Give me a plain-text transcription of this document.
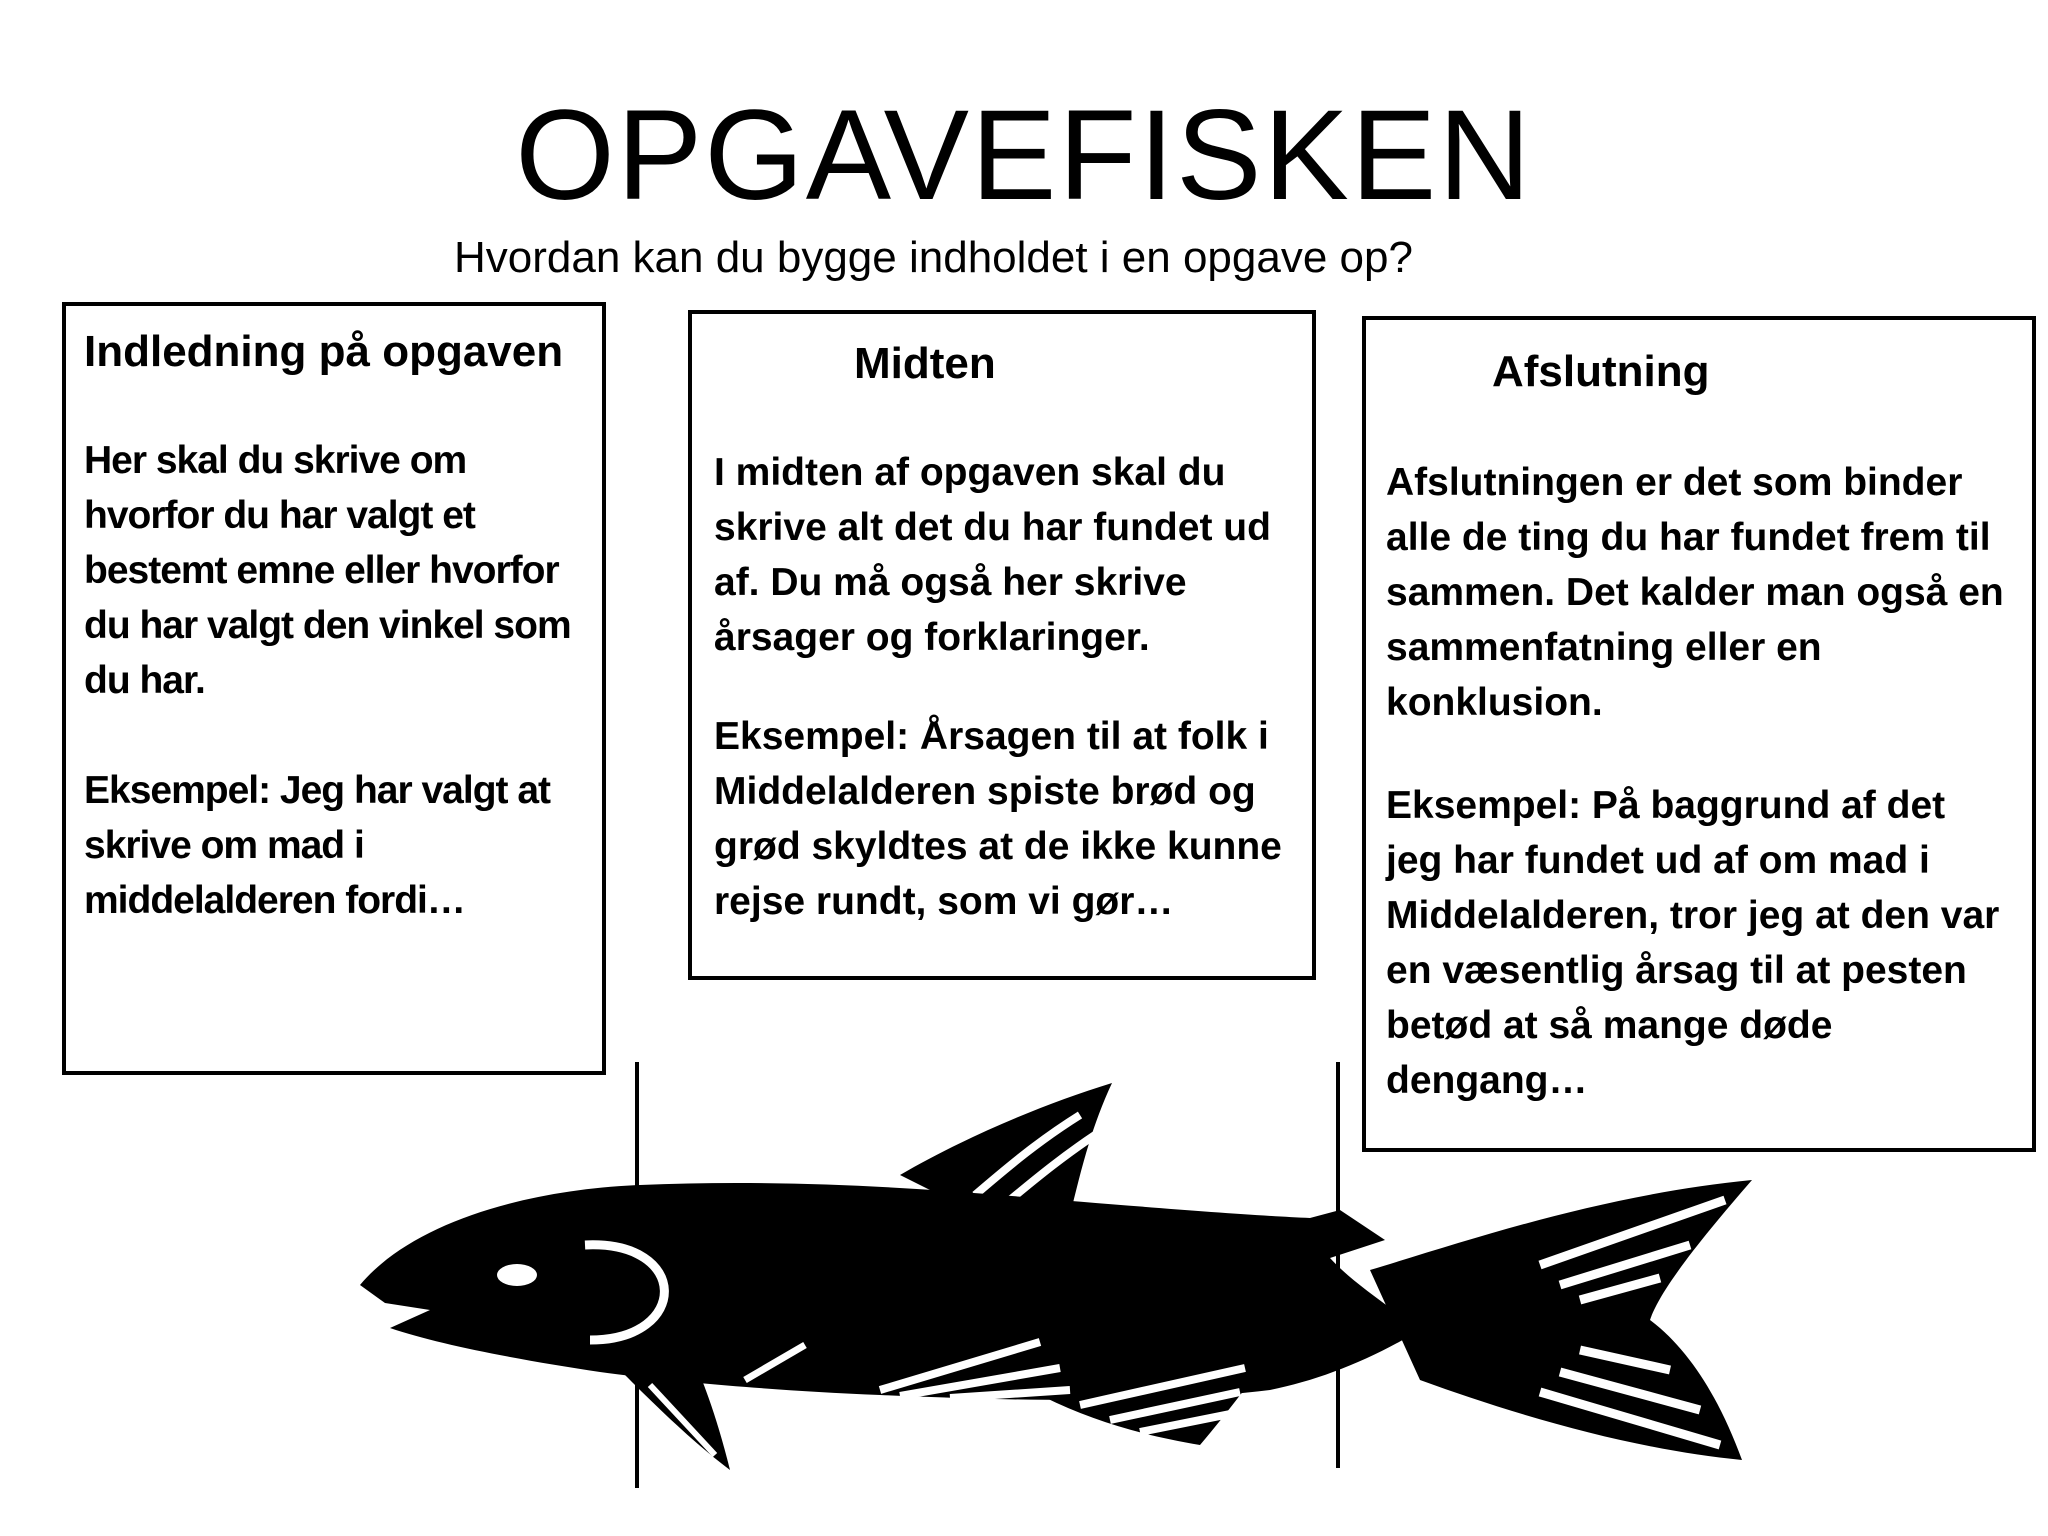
OPGAVEFISKEN

Hvordan kan du bygge indholdet i en opgave op?

Indledning på opgaven

Her skal du skrive om hvorfor du har valgt et bestemt emne eller hvorfor du har valgt den vinkel som du har.

Eksempel: Jeg har valgt at skrive om mad i middelalderen fordi…

Midten

I midten af opgaven skal du skrive alt det du har fundet ud af. Du må også her skrive årsager og forklaringer.

Eksempel: Årsagen til at folk i Middelalderen spiste brød og grød skyldtes at de ikke kunne rejse rundt, som vi gør…

Afslutning

Afslutningen er det som binder alle de ting du har fundet frem til sammen. Det kalder man også en sammenfatning eller en konklusion.

Eksempel: På baggrund af det jeg har fundet ud af om mad i Middelalderen, tror jeg at den var en væsentlig årsag til at pesten betød at så mange døde dengang…
